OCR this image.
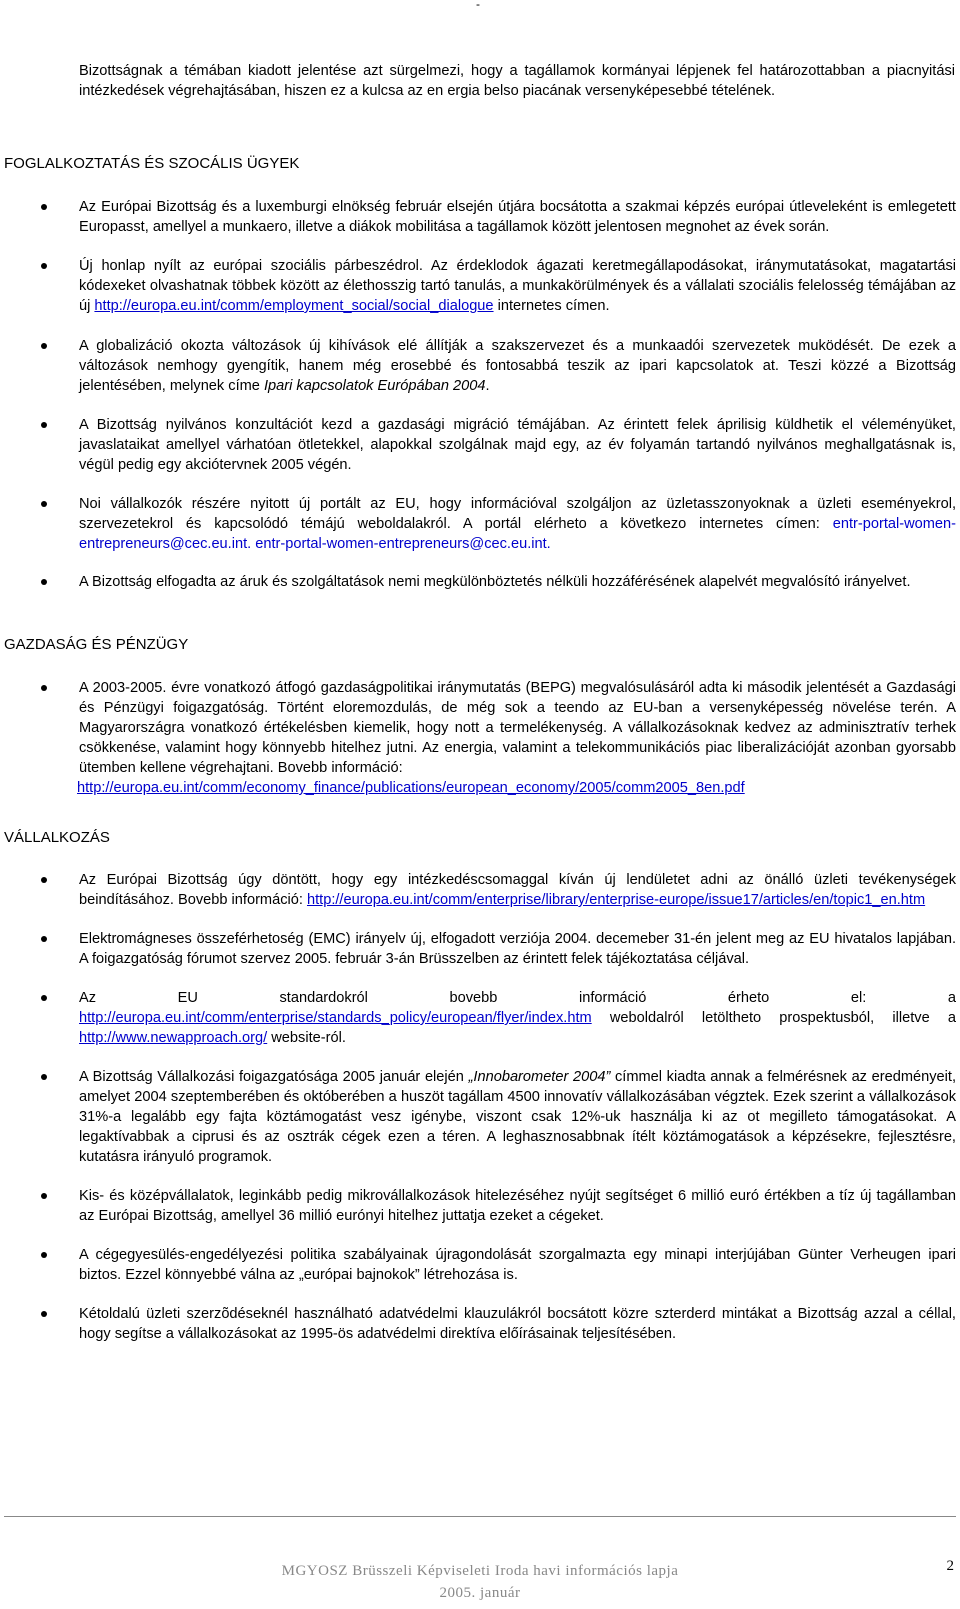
-

Bizottságnak a témában kiadott jelentése azt sürgelmezi, hogy a tagállamok kormányai lépjenek fel határozottabban a piacnyitási intézkedések végrehajtásában, hiszen ez a kulcsa az en ergia belso piacának versenyképesebbé tételének.

FOGLALKOZTATÁS ÉS SZOCÁLIS ÜGYEK
Az Európai Bizottság és a luxemburgi elnökség február elsején útjára bocsátotta a szakmai képzés európai útleveleként is emlegetett Europasst, amellyel a munkaero, illetve a diákok mobilitása a tagállamok között jelentosen megnohet az évek során.
Új honlap nyílt az európai szociális párbeszédrol. Az érdeklodok ágazati keretmegállapodásokat, iránymutatásokat, magatartási kódexeket olvashatnak többek között az élethosszig tartó tanulás, a munkakörülmények és a vállalati szociális felelosség témájában az új http://europa.eu.int/comm/employment_social/social_dialogue internetes címen.
A globalizáció okozta változások új kihívások elé állítják a szakszervezet és a munkaadói szervezetek muködését. De ezek a változások nemhogy gyengítik, hanem még erosebbé és fontosabbá teszik az ipari kapcsolatok at. Teszi közzé a Bizottság jelentésében, melynek címe Ipari kapcsolatok Európában 2004.
A Bizottság nyilvános konzultációt kezd a gazdasági migráció témájában. Az érintett felek áprilisig küldhetik el véleményüket, javaslataikat amellyel várhatóan ötletekkel, alapokkal szolgálnak majd egy, az év folyamán tartandó nyilvános meghallgatásnak is, végül pedig egy akciótervnek 2005 végén.
Noi vállalkozók részére nyitott új portált az EU, hogy információval szolgáljon az üzletasszonyoknak a üzleti eseményekrol, szervezetekrol és kapcsolódó témájú weboldalakról. A portál elérheto a következo internetes címen: entr-portal-women-entrepreneurs@cec.eu.int. entr-portal-women-entrepreneurs@cec.eu.int.
A Bizottság elfogadta az áruk és szolgáltatások nemi megkülönböztetés nélküli hozzáférésének alapelvét megvalósító irányelvet.
GAZDASÁG ÉS PÉNZÜGY
A 2003-2005. évre vonatkozó átfogó gazdaságpolitikai iránymutatás (BEPG) megvalósulásáról adta ki második jelentését a Gazdasági és Pénzügyi foigazgatóság. Történt eloremozdulás, de még sok a teendo az EU-ban a versenyképesség növelése terén. A Magyarországra vonatkozó értékelésben kiemelik, hogy nott a termelékenység. A vállalkozásoknak kedvez az adminisztratív terhek csökkenése, valamint hogy könnyebb hitelhez jutni. Az energia, valamint a telekommunikációs piac liberalizációját azonban gyorsabb ütemben kellene végrehajtani. Bovebb információ:
http://europa.eu.int/comm/economy_finance/publications/european_economy/2005/comm2005_8en.pdf
VÁLLALKOZÁS
Az Európai Bizottság úgy döntött, hogy egy intézkedéscsomaggal kíván új lendületet adni az önálló üzleti tevékenységek beindításához. Bovebb információ: http://europa.eu.int/comm/enterprise/library/enterprise-europe/issue17/articles/en/topic1_en.htm
Elektromágneses összeférhetoség (EMC) irányelv új, elfogadott verziója 2004. decemeber 31-én jelent meg az EU hivatalos lapjában. A foigazgatóság fórumot szervez 2005. február 3-án Brüsszelben az érintett felek tájékoztatása céljával.
Az EU standardokról bovebb információ érheto el: a
http://europa.eu.int/comm/enterprise/standards_policy/european/flyer/index.htm weboldalról letöltheto prospektusból, illetve a http://www.newapproach.org/ website-ról.
A Bizottság Vállalkozási foigazgatósága 2005 január elején „Innobarometer 2004” címmel kiadta annak a felmérésnek az eredményeit, amelyet 2004 szeptemberében és októberében a huszöt tagállam 4500 innovatív vállalkozásában végztek. Ezek szerint a vállalkozások 31%-a legalább egy fajta köztámogatást vesz igénybe, viszont csak 12%-uk használja ki az ot megilleto támogatásokat. A legaktívabbak a ciprusi és az osztrák cégek ezen a téren. A leghasznosabbnak ítélt köztámogatások a képzésekre, fejlesztésre, kutatásra irányuló programok.
Kis- és középvállalatok, leginkább pedig mikrovállalkozások hitelezéséhez nyújt segítséget 6 millió euró értékben a tíz új tagállamban az Európai Bizottság, amellyel 36 millió eurónyi hitelhez juttatja ezeket a cégeket.
A cégegyesülés-engedélyezési politika szabályainak újragondolását szorgalmazta egy minapi interjújában Günter Verheugen ipari biztos. Ezzel könnyebbé válna az „európai bajnokok” létrehozása is.
Kétoldalú üzleti szerzõdéseknél használható adatvédelmi klauzulákról bocsátott közre szterderd mintákat a Bizottság azzal a céllal, hogy segítse a vállalkozásokat az 1995-ös adatvédelmi direktíva előírásainak teljesítésében.
MGYOSZ Brüsszeli Képviseleti Iroda havi információs lapja
2005. január
2
